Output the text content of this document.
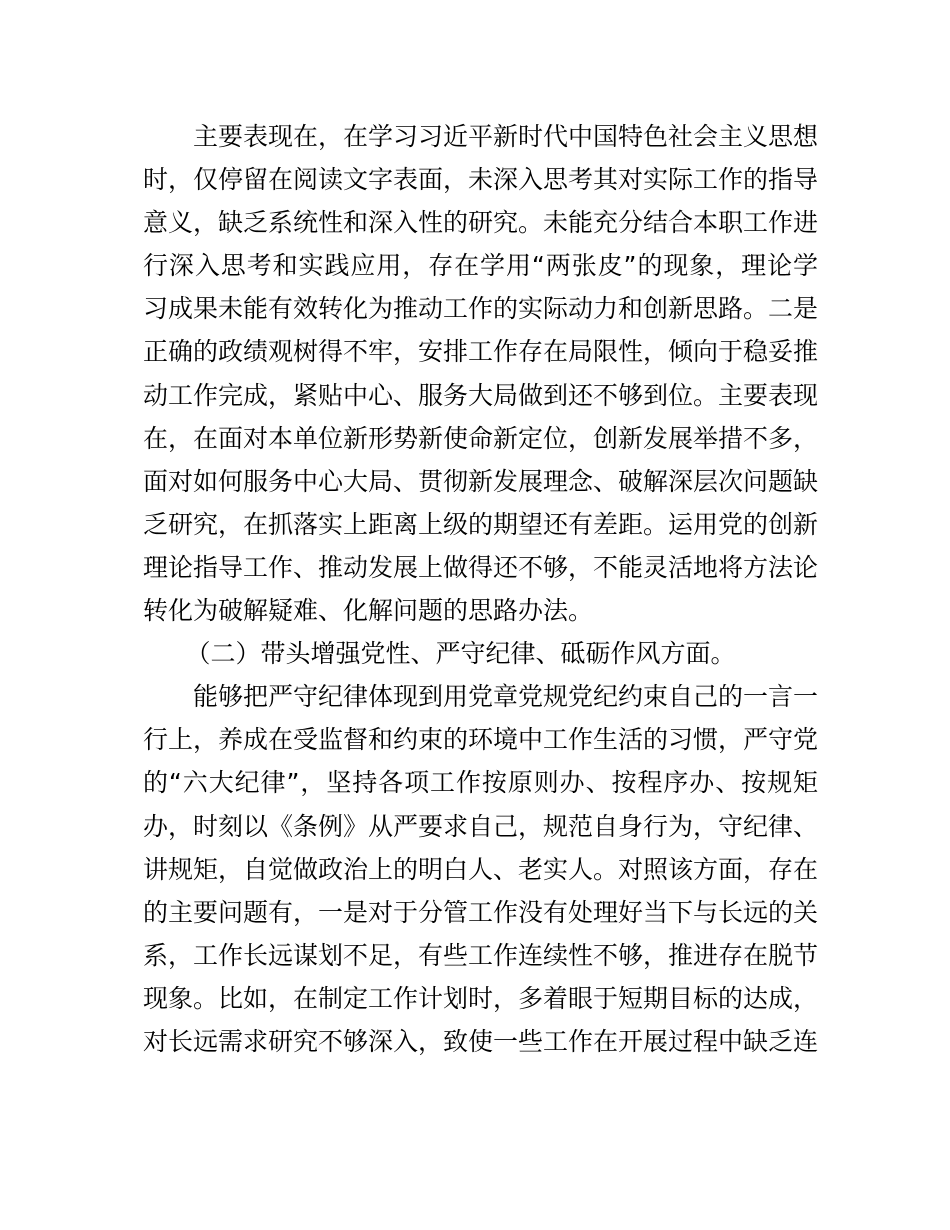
主要表现在，在学习习近平新时代中国特色社会主义思想时，仅停留在阅读文字表面，未深入思考其对实际工作的指导意义，缺乏系统性和深入性的研究。未能充分结合本职工作进行深入思考和实践应用，存在学用“两张皮”的现象，理论学习成果未能有效转化为推动工作的实际动力和创新思路。二是正确的政绩观树得不牢，安排工作存在局限性，倾向于稳妥推动工作完成，紧贴中心、服务大局做到还不够到位。主要表现在，在面对本单位新形势新使命新定位，创新发展举措不多，面对如何服务中心大局、贯彻新发展理念、破解深层次问题缺乏研究，在抓落实上距离上级的期望还有差距。运用党的创新理论指导工作、推动发展上做得还不够，不能灵活地将方法论转化为破解疑难、化解问题的思路办法。

（二）带头增强党性、严守纪律、砥砺作风方面。

能够把严守纪律体现到用党章党规党纪约束自己的一言一行上，养成在受监督和约束的环境中工作生活的习惯，严守党的“六大纪律”，坚持各项工作按原则办、按程序办、按规矩办，时刻以《条例》从严要求自己，规范自身行为，守纪律、讲规矩，自觉做政治上的明白人、老实人。对照该方面，存在的主要问题有，一是对于分管工作没有处理好当下与长远的关系，工作长远谋划不足，有些工作连续性不够，推进存在脱节现象。比如，在制定工作计划时，多着眼于短期目标的达成，对长远需求研究不够深入，致使一些工作在开展过程中缺乏连
